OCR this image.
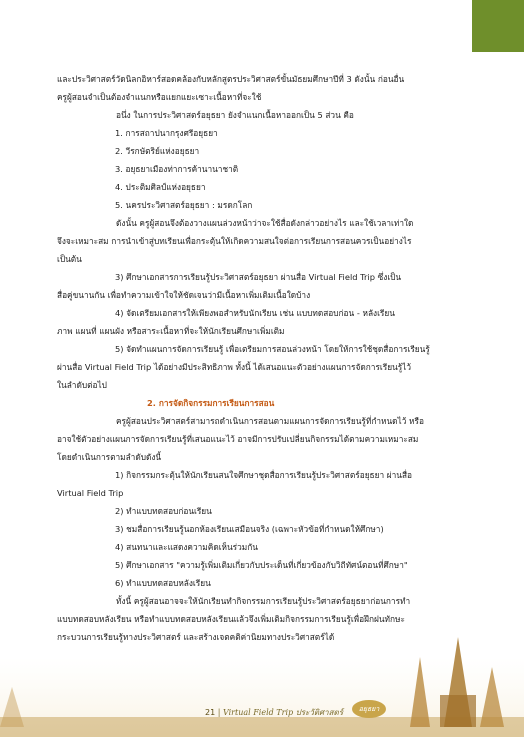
และประวิศาสตร์วัดนิลกอิหาร์สอดคล้องกับหลักสูตรประวิศาสตร์ขั้นมัธยมศึกษาปีที่ 3 ดังนั้น ก่อนอื่น

ครูผู้สอนจำเป็นต้องจำแนกหรือแยกแยะเซาะเนื้อหาที่จะใช้

อนึ่ง ในการประวิศาสตร์อยุธยา ยังจำแนกเนื้อหาออกเป็น 5 ส่วน คือ

1. การสถาปนากรุงศรีอยุธยา

2. วีรกษัตริย์แห่งอยุธยา

3. อยุธยาเมืองท่าการค้านานาชาติ

4. ประติมศิลป์แห่งอยุธยา

5. นครประวิศาสตร์อยุธยา : มรดกโลก

ดังนั้น ครูผู้สอนจึงต้องวางแผนล่วงหน้าว่าจะใช้สื่อดังกล่าวอย่างไร และใช้เวลาเท่าใด

จึงจะเหมาะสม การนำเข้าสู่บทเรียนเพื่อกระตุ้นให้เกิดความสนใจต่อการเรียนการสอนควรเป็นอย่างไร

เป็นต้น

3) ศึกษาเอกสารการเรียนรู้ประวิศาสตร์อยุธยา ผ่านสื่อ Virtual Field Trip ซึ่งเป็น

สื่อคู่ขนานกัน เพื่อทำความเข้าใจให้ชัดเจนว่ามีเนื้อหาเพิ่มเติมเนื้อใดบ้าง

4) จัดเตรียมเอกสารให้เพียงพอสำหรับนักเรียน เช่น แบบทดสอบก่อน - หลังเรียน

ภาพ แผนที่ แผนผัง หรือสาระเนื้อหาที่จะให้นักเรียนศึกษาเพิ่มเติม

5) จัดทำแผนการจัดการเรียนรู้ เพื่อเตรียมการสอนล่วงหน้า โดยให้การใช้ชุดสื่อการเรียนรู้

ผ่านสื่อ Virtual Field Trip ได้อย่างมีประสิทธิภาพ ทั้งนี้ ได้เสนอแนะตัวอย่างแผนการจัดการเรียนรู้ไว้

ในลำดับต่อไป

2. การจัดกิจกรรมการเรียนการสอน

ครูผู้สอนประวิศาสตร์สามารถดำเนินการสอนตามแผนการจัดการเรียนรู้ที่กำหนดไว้ หรือ

อาจใช้ตัวอย่างแผนการจัดการเรียนรู้ที่เสนอแนะไว้ อาจมีการปรับเปลี่ยนกิจกรรมได้ตามความเหมาะสม

โดยดำเนินการตามลำดับดังนี้

1) กิจกรรมกระตุ้นให้นักเรียนสนใจศึกษาชุดสื่อการเรียนรู้ประวิศาสตร์อยุธยา ผ่านสื่อ

Virtual Field Trip

2) ทำแบบทดสอบก่อนเรียน

3) ชมสื่อการเรียนรู้นอกห้องเรียนเสมือนจริง (เฉพาะหัวข้อที่กำหนดให้ศึกษา)

4) สนทนาและแสดงความคิดเห็นร่วมกัน

5) ศึกษาเอกสาร "ความรู้เพิ่มเติมเกี่ยวกับประเด็นที่เกี่ยวข้องกับวิถีทัศน์ตอนที่ศึกษา"

6) ทำแบบทดสอบหลังเรียน

ทั้งนี้ ครูผู้สอนอาจจะให้นักเรียนทำกิจกรรมการเรียนรู้ประวิศาสตร์อยุธยาก่อนการทำ

แบบทดสอบหลังเรียน หรือทำแบบทดสอบหลังเรียนแล้วจึงเพิ่มเติมกิจกรรมการเรียนรู้เพื่อฝึกฝนทักษะ

กระบวนการเรียนรู้ทางประวิศาสตร์ และสร้างเจตคติค่านิยมทางประวิศาสตร์ได้

21 | Virtual Field Trip ประวัติศาสตร์	อยุธยา
